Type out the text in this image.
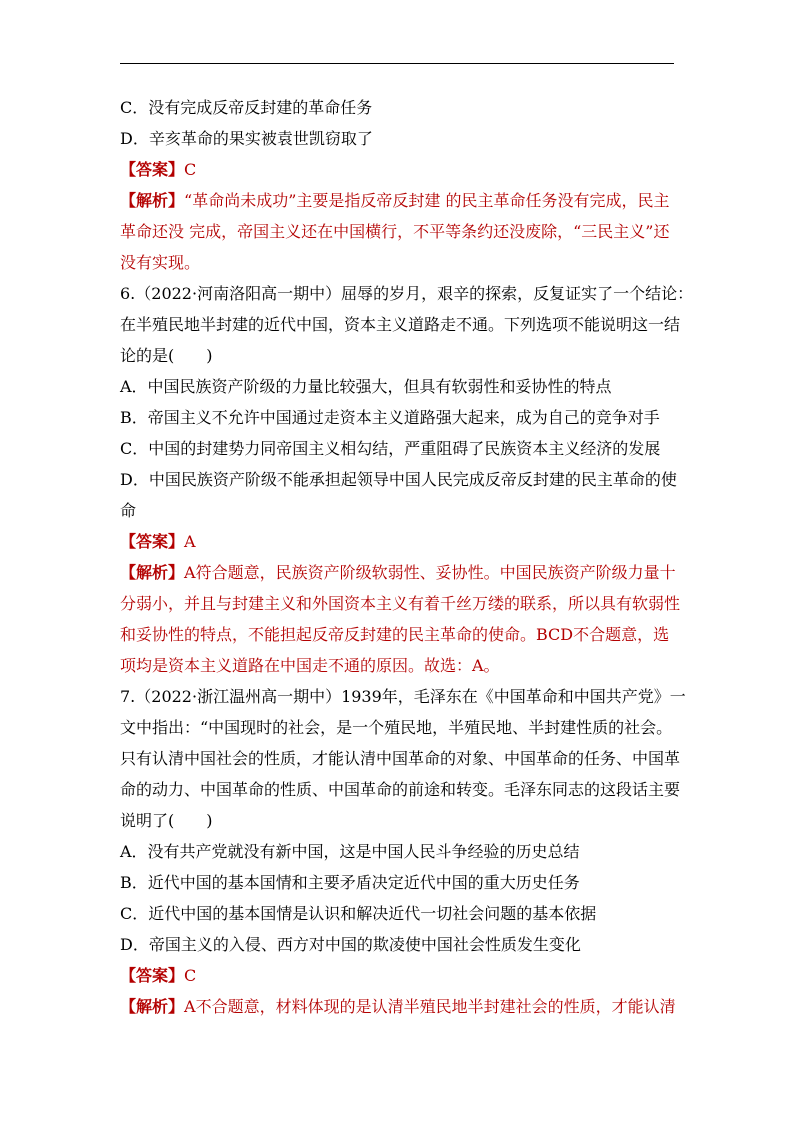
C．没有完成反帝反封建的革命任务
D．辛亥革命的果实被袁世凯窃取了
【答案】C
【解析】“革命尚未成功”主要是指反帝反封建 的民主革命任务没有完成，民主
革命还没 完成，帝国主义还在中国横行，不平等条约还没废除，“三民主义”还
没有实现。
6.（2022·河南洛阳高一期中）屈辱的岁月，艰辛的探索，反复证实了一个结论：
在半殖民地半封建的近代中国，资本主义道路走不通。下列选项不能说明这一结
论的是(　　)
A．中国民族资产阶级的力量比较强大，但具有软弱性和妥协性的特点
B．帝国主义不允许中国通过走资本主义道路强大起来，成为自己的竞争对手
C．中国的封建势力同帝国主义相勾结，严重阻碍了民族资本主义经济的发展
D．中国民族资产阶级不能承担起领导中国人民完成反帝反封建的民主革命的使
命
【答案】A
【解析】A符合题意，民族资产阶级软弱性、妥协性。中国民族资产阶级力量十
分弱小，并且与封建主义和外国资本主义有着千丝万缕的联系，所以具有软弱性
和妥协性的特点，不能担起反帝反封建的民主革命的使命。BCD不合题意，选
项均是资本主义道路在中国走不通的原因。故选：A。
7.（2022·浙江温州高一期中）1939年，毛泽东在《中国革命和中国共产党》一
文中指出：“中国现时的社会，是一个殖民地，半殖民地、半封建性质的社会。
只有认清中国社会的性质，才能认清中国革命的对象、中国革命的任务、中国革
命的动力、中国革命的性质、中国革命的前途和转变。毛泽东同志的这段话主要
说明了(　　)
A．没有共产党就没有新中国，这是中国人民斗争经验的历史总结
B．近代中国的基本国情和主要矛盾决定近代中国的重大历史任务
C．近代中国的基本国情是认识和解决近代一切社会问题的基本依据
D．帝国主义的入侵、西方对中国的欺凌使中国社会性质发生变化
【答案】C
【解析】A不合题意，材料体现的是认清半殖民地半封建社会的性质，才能认清
